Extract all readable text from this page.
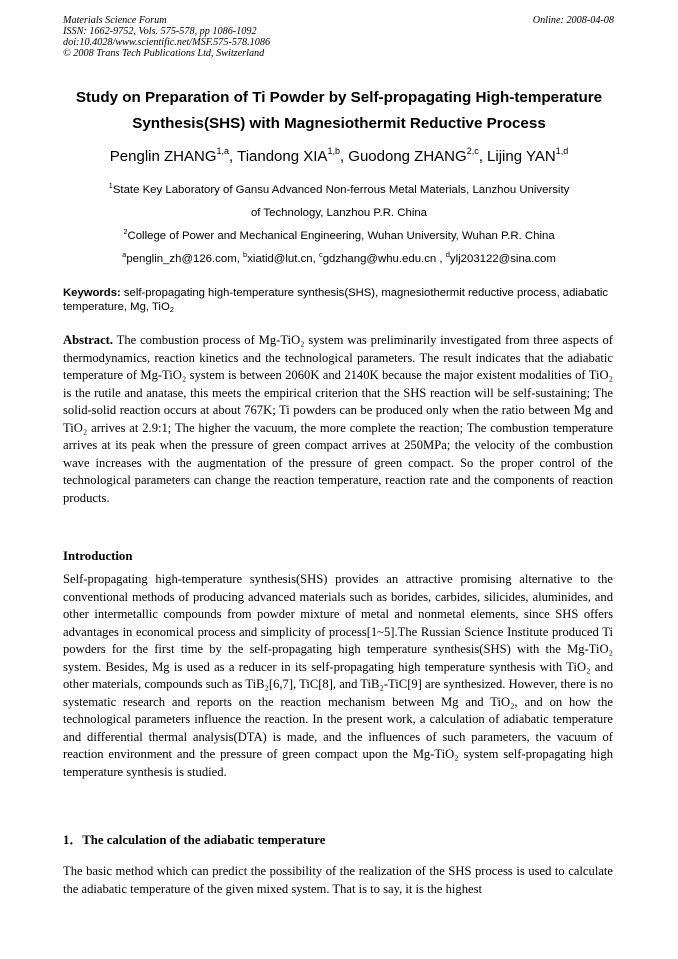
Materials Science Forum
ISSN: 1662-9752, Vols. 575-578, pp 1086-1092
doi:10.4028/www.scientific.net/MSF.575-578.1086
© 2008 Trans Tech Publications Ltd, Switzerland
Online: 2008-04-08
Study on Preparation of Ti Powder by Self-propagating High-temperature
Synthesis(SHS) with Magnesiothermit Reductive Process
Penglin ZHANG$^{1,a}$, Tiandong XIA$^{1,b}$, Guodong ZHANG$^{2,c}$, Lijing YAN$^{1,d}$
$^1$State Key Laboratory of Gansu Advanced Non-ferrous Metal Materials, Lanzhou University
of Technology, Lanzhou P.R. China
$^2$College of Power and Mechanical Engineering, Wuhan University, Wuhan P.R. China
$^a$penglin_zh@126.com, $^b$xiatid@lut.cn, $^c$gdzhang@whu.edu.cn , $^d$ylj203122@sina.com
Keywords: self-propagating high-temperature synthesis(SHS), magnesiothermit reductive process, adiabatic temperature, Mg, TiO$_2$
Abstract. The combustion process of Mg-TiO₂ system was preliminarily investigated from three aspects of thermodynamics, reaction kinetics and the technological parameters. The result indicates that the adiabatic temperature of Mg-TiO₂ system is between 2060K and 2140K because the major existent modalities of TiO₂ is the rutile and anatase, this meets the empirical criterion that the SHS reaction will be self-sustaining; The solid-solid reaction occurs at about 767K; Ti powders can be produced only when the ratio between Mg and TiO₂ arrives at 2.9:1; The higher the vacuum, the more complete the reaction; The combustion temperature arrives at its peak when the pressure of green compact arrives at 250MPa; the velocity of the combustion wave increases with the augmentation of the pressure of green compact. So the proper control of the technological parameters can change the reaction temperature, reaction rate and the components of reaction products.
Introduction
Self-propagating high-temperature synthesis(SHS) provides an attractive promising alternative to the conventional methods of producing advanced materials such as borides, carbides, silicides, aluminides, and other intermetallic compounds from powder mixture of metal and nonmetal elements, since SHS offers advantages in economical process and simplicity of process[1~5].The Russian Science Institute produced Ti powders for the first time by the self-propagating high temperature synthesis(SHS) with the Mg-TiO₂ system. Besides, Mg is used as a reducer in its self-propagating high temperature synthesis with TiO₂ and other materials, compounds such as TiB₂[6,7], TiC[8], and TiB₂-TiC[9] are synthesized. However, there is no systematic research and reports on the reaction mechanism between Mg and TiO₂, and on how the technological parameters influence the reaction. In the present work, a calculation of adiabatic temperature and differential thermal analysis(DTA) is made, and the influences of such parameters, the vacuum of reaction environment and the pressure of green compact upon the Mg-TiO₂ system self-propagating high temperature synthesis is studied.
1．The calculation of the adiabatic temperature
The basic method which can predict the possibility of the realization of the SHS process is used to calculate the adiabatic temperature of the given mixed system. That is to say, it is the highest
